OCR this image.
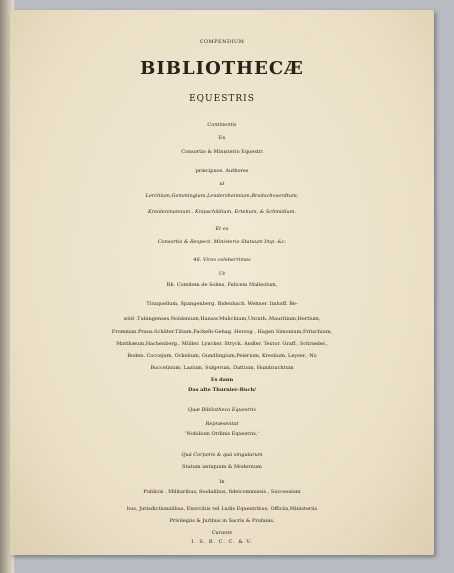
COMPENDIUM
BIBLIOTHECÆ
EQUESTRIS
Continentis
Ex
Consortio & Ministerio Equestri
præcipuos. Authores
ut
Lerchium,Gemmingium,Lendersheimium,Braitschvverdtum,
Kreidenmannum , Knipschildium, Ertelium, & Schmidium.
Et ex
Consortio & Respect. Ministerio Statuum Imp. &c.
46. Viros celeberrimos
Ut
Rh. Comitem de Solms, Felicem Malleolum,
Tiraquellum, Spangenberg. Bidenbach. Wehner. Imhoff. Be-
sold ,Tubingenses,Noldenium,Hanaw,Mulichium,Unrath.,Mauritium,Hertium,
Fromman.Praus.Schilter.Titium,Packelb-Gehag. Herzog , Hagen Simonium,Fritschium,
Matthæum,Hachenberg., Müller. Lyncker. Stryck. Andler. Textor. Graff., Schrœder.,
Boden. Coccejum, Ockelium, Gundlingium,Pelerium, Kreslium, Leyser., No
Buccelinum, Lazium, Sulgerum, Dattium, Humbrachtum
Es dann
Das alte Thurnier-Buch/
Quæ Bibliotheca Equestris
Repræsentat
'Nobilium Ordinis Equestris,'
Quà Corporis & quà singularum
Statum antiquum & Modernum
In
Publicis . Militaribus, feudalibus, fideicommissis , Successioni
bus, Jurisdictionalibus, Exercitiis vel Ludis Equestribus, Officiis,Ministeriis
Privilegiis & Juribus in Sacris & Profanis.
Curante
I. S. B. C. C. & V.
